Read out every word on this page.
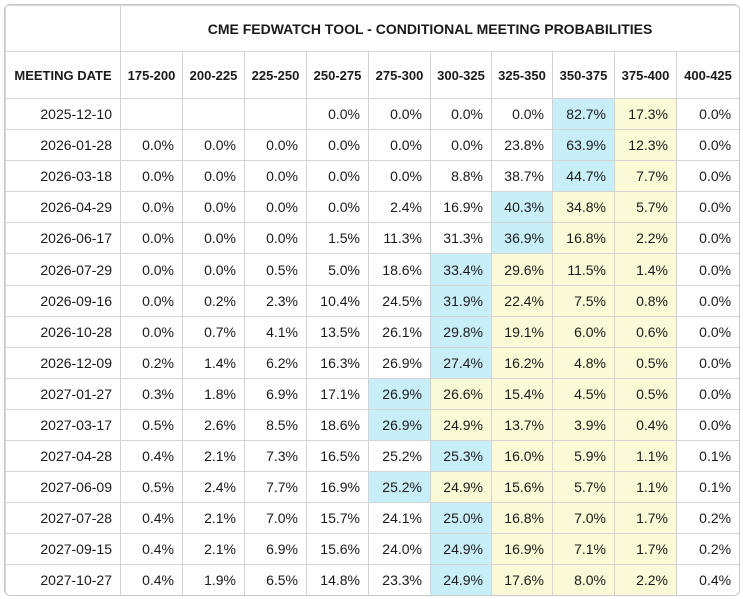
	CME FEDWATCH TOOL - CONDITIONAL MEETING PROBABILITIES									
MEETING DATE	175-200	200-225	225-250	250-275	275-300	300-325	325-350	350-375	375-400	400-425
2025-12-10				0.0%	0.0%	0.0%	0.0%	82.7%	17.3%	0.0%
2026-01-28	0.0%	0.0%	0.0%	0.0%	0.0%	0.0%	23.8%	63.9%	12.3%	0.0%
2026-03-18	0.0%	0.0%	0.0%	0.0%	0.0%	8.8%	38.7%	44.7%	7.7%	0.0%
2026-04-29	0.0%	0.0%	0.0%	0.0%	2.4%	16.9%	40.3%	34.8%	5.7%	0.0%
2026-06-17	0.0%	0.0%	0.0%	1.5%	11.3%	31.3%	36.9%	16.8%	2.2%	0.0%
2026-07-29	0.0%	0.0%	0.5%	5.0%	18.6%	33.4%	29.6%	11.5%	1.4%	0.0%
2026-09-16	0.0%	0.2%	2.3%	10.4%	24.5%	31.9%	22.4%	7.5%	0.8%	0.0%
2026-10-28	0.0%	0.7%	4.1%	13.5%	26.1%	29.8%	19.1%	6.0%	0.6%	0.0%
2026-12-09	0.2%	1.4%	6.2%	16.3%	26.9%	27.4%	16.2%	4.8%	0.5%	0.0%
2027-01-27	0.3%	1.8%	6.9%	17.1%	26.9%	26.6%	15.4%	4.5%	0.5%	0.0%
2027-03-17	0.5%	2.6%	8.5%	18.6%	26.9%	24.9%	13.7%	3.9%	0.4%	0.0%
2027-04-28	0.4%	2.1%	7.3%	16.5%	25.2%	25.3%	16.0%	5.9%	1.1%	0.1%
2027-06-09	0.5%	2.4%	7.7%	16.9%	25.2%	24.9%	15.6%	5.7%	1.1%	0.1%
2027-07-28	0.4%	2.1%	7.0%	15.7%	24.1%	25.0%	16.8%	7.0%	1.7%	0.2%
2027-09-15	0.4%	2.1%	6.9%	15.6%	24.0%	24.9%	16.9%	7.1%	1.7%	0.2%
2027-10-27	0.4%	1.9%	6.5%	14.8%	23.3%	24.9%	17.6%	8.0%	2.2%	0.4%
